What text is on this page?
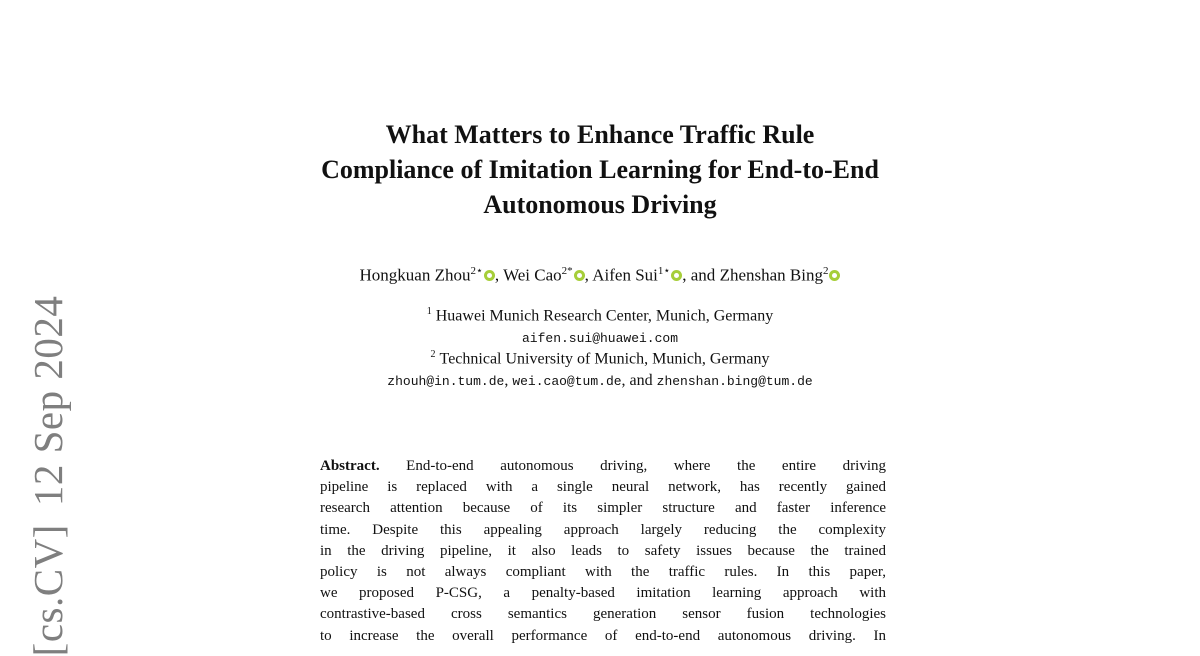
[cs.CV]12 Sep 2024
What Matters to Enhance Traffic Rule
Compliance of Imitation Learning for End-to-End
Autonomous Driving
Hongkuan Zhou$^{2⋆}$ , Wei Cao$^{2*}$ , Aifen Sui$^{1⋆}$ , and Zhenshan Bing$^2$
$^1$ Huawei Munich Research Center, Munich, Germany
aifen.sui@huawei.com
$^2$ Technical University of Munich, Munich, Germany
zhouh@in.tum.de, wei.cao@tum.de, and zhenshan.bing@tum.de
Abstract. End-to-end autonomous driving, where the entire driving
pipeline is replaced with a single neural network, has recently gained
research attention because of its simpler structure and faster inference
time. Despite this appealing approach largely reducing the complexity
in the driving pipeline, it also leads to safety issues because the trained
policy is not always compliant with the traffic rules. In this paper,
we proposed P-CSG, a penalty-based imitation learning approach with
contrastive-based cross semantics generation sensor fusion technologies
to increase the overall performance of end-to-end autonomous driving. In
